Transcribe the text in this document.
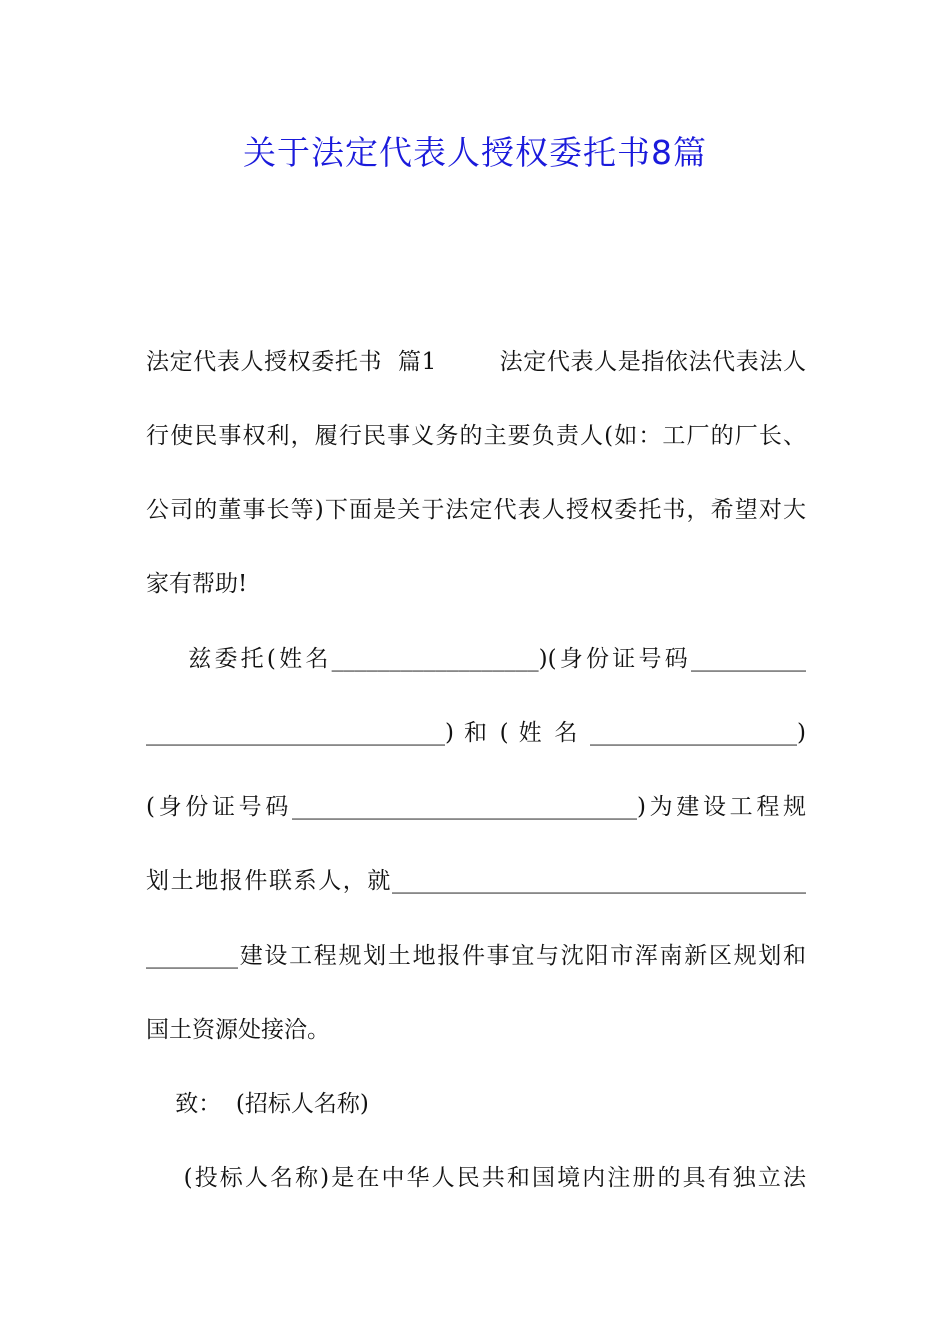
关于法定代表人授权委托书8篇
法定代表人授权委托书  篇1        法定代表人是指依法代表法人
行使民事权利，履行民事义务的主要负责人(如：工厂的厂长、
公司的董事长等)下面是关于法定代表人授权委托书，希望对大
家有帮助!
兹委托(姓名__________________)(身份证号码__________
__________________________) 和 ( 姓 名 __________________)
(身份证号码______________________________)为建设工程规
划土地报件联系人，就____________________________________
________建设工程规划土地报件事宜与沈阳市浑南新区规划和
国土资源处接洽。
致：  (招标人名称)
(投标人名称)是在中华人民共和国境内注册的具有独立法
